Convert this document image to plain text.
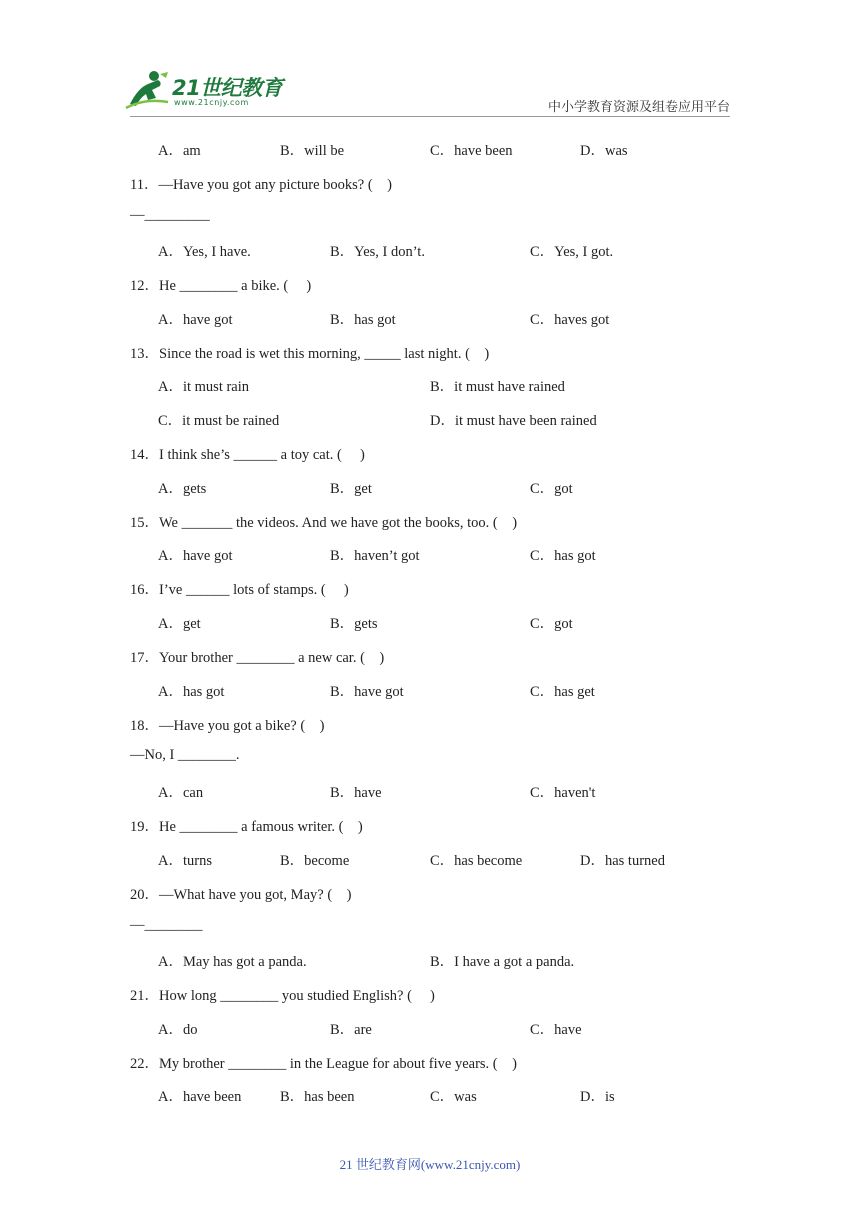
21世纪教育
www.21cnjy.com	中小学教育资源及组卷应用平台
A．am	B．will be	C．have been	D．was
11．—Have you got any picture books? (　)
—_________
A．Yes, I have.	B．Yes, I don’t.	C．Yes, I got.
12．He ________ a bike. (　 )
A．have got	B．has got	C．haves got
13．Since the road is wet this morning, _____ last night. (　)
A．it must rain	B．it must have rained
C．it must be rained	D．it must have been rained
14．I think she’s ______ a toy cat. (　 )
A．gets	B．get	C．got
15．We _______ the videos. And we have got the books, too. (　)
A．have got	B．haven’t got	C．has got
16．I’ve ______ lots of stamps. (　 )
A．get	B．gets	C．got
17．Your brother ________ a new car. (　)
A．has got	B．have got	C．has get
18．—Have you got a bike? (　)
—No, I ________.
A．can	B．have	C．haven't
19．He ________ a famous writer. (　)
A．turns	B．become	C．has become	D．has turned
20．—What have you got, May? (　)
—________
A．May has got a panda.	B．I have a got a panda.
21．How long ________ you studied English? (　 )
A．do	B．are	C．have
22．My brother ________ in the League for about five years. (　)
A．have been	B．has been	C．was	D．is
21 世纪教育网(www.21cnjy.com)
